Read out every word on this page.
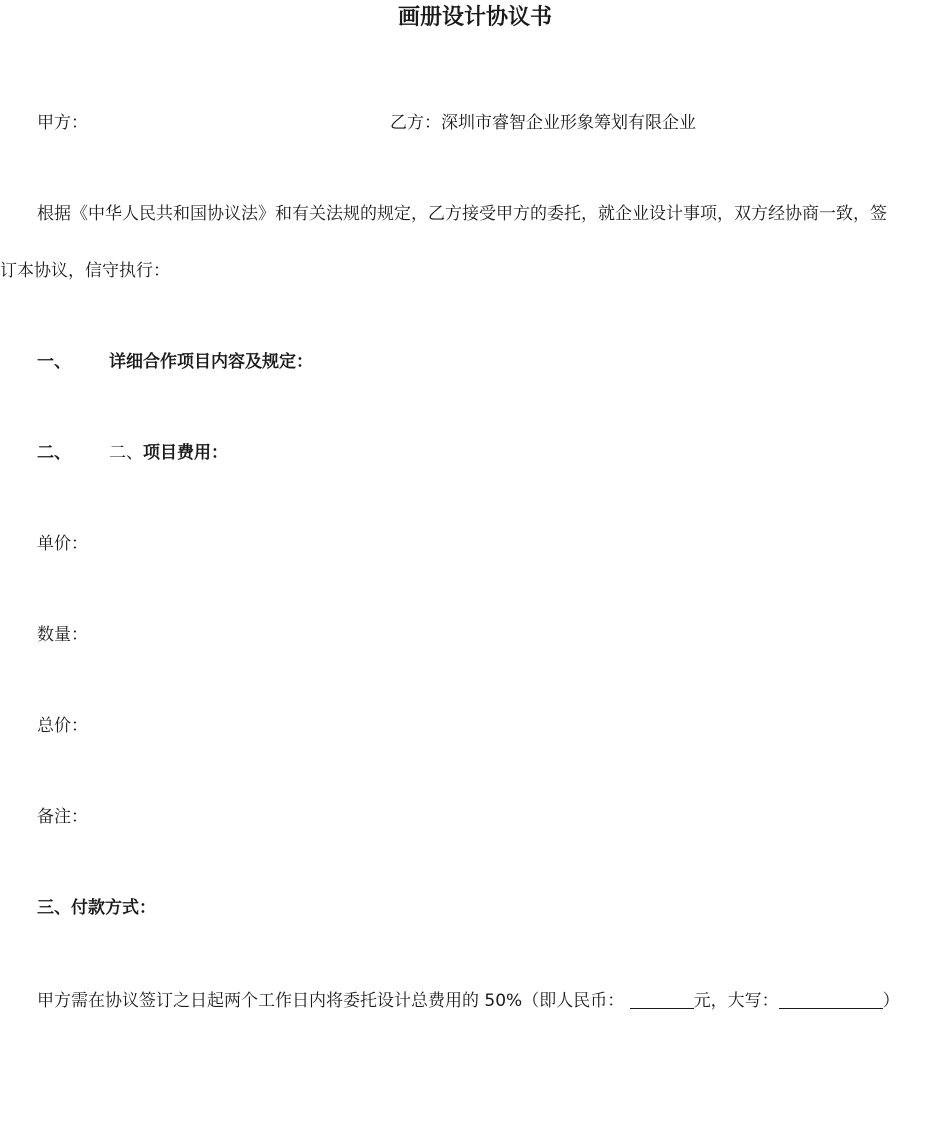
画册设计协议书
甲方：	乙方：深圳市睿智企业形象筹划有限企业
根据《中华人民共和国协议法》和有关法规的规定，乙方接受甲方的委托，就企业设计事项，双方经协商一致，签
订本协议，信守执行：
一、 详细合作项目内容及规定：
二、 二、项目费用：
单价：
数量：
总价：
备注：
三、付款方式：
甲方需在协议签订之日起两个工作日内将委托设计总费用的 50%（即人民币：	元，大写：	）
